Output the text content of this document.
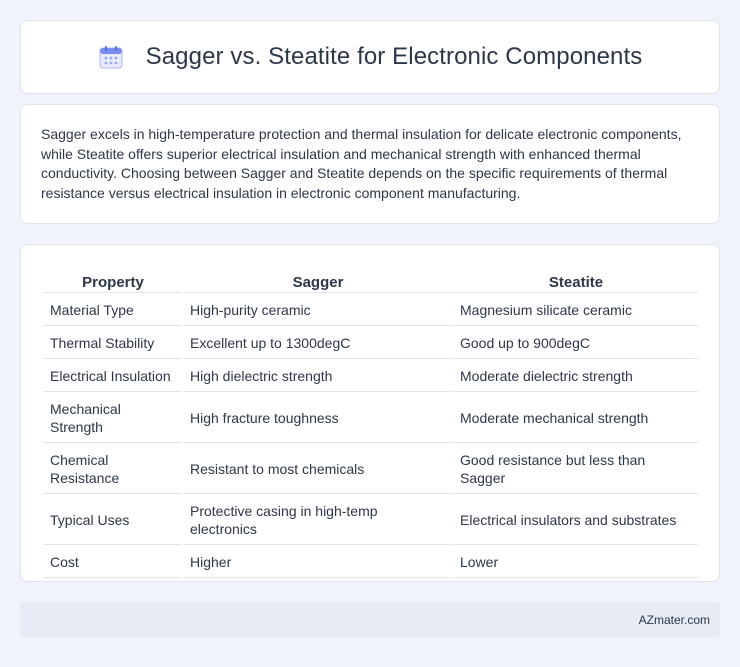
Sagger vs. Steatite for Electronic Components

Sagger excels in high-temperature protection and thermal insulation for delicate electronic components, while Steatite offers superior electrical insulation and mechanical strength with enhanced thermal conductivity. Choosing between Sagger and Steatite depends on the specific requirements of thermal resistance versus electrical insulation in electronic component manufacturing.

Property	Sagger	Steatite
Material Type	High-purity ceramic	Magnesium silicate ceramic
Thermal Stability	Excellent up to 1300degC	Good up to 900degC
Electrical Insulation	High dielectric strength	Moderate dielectric strength
Mechanical Strength	High fracture toughness	Moderate mechanical strength
Chemical Resistance	Resistant to most chemicals	Good resistance but less than Sagger
Typical Uses	Protective casing in high-temp electronics	Electrical insulators and substrates
Cost	Higher	Lower
AZmater.com
